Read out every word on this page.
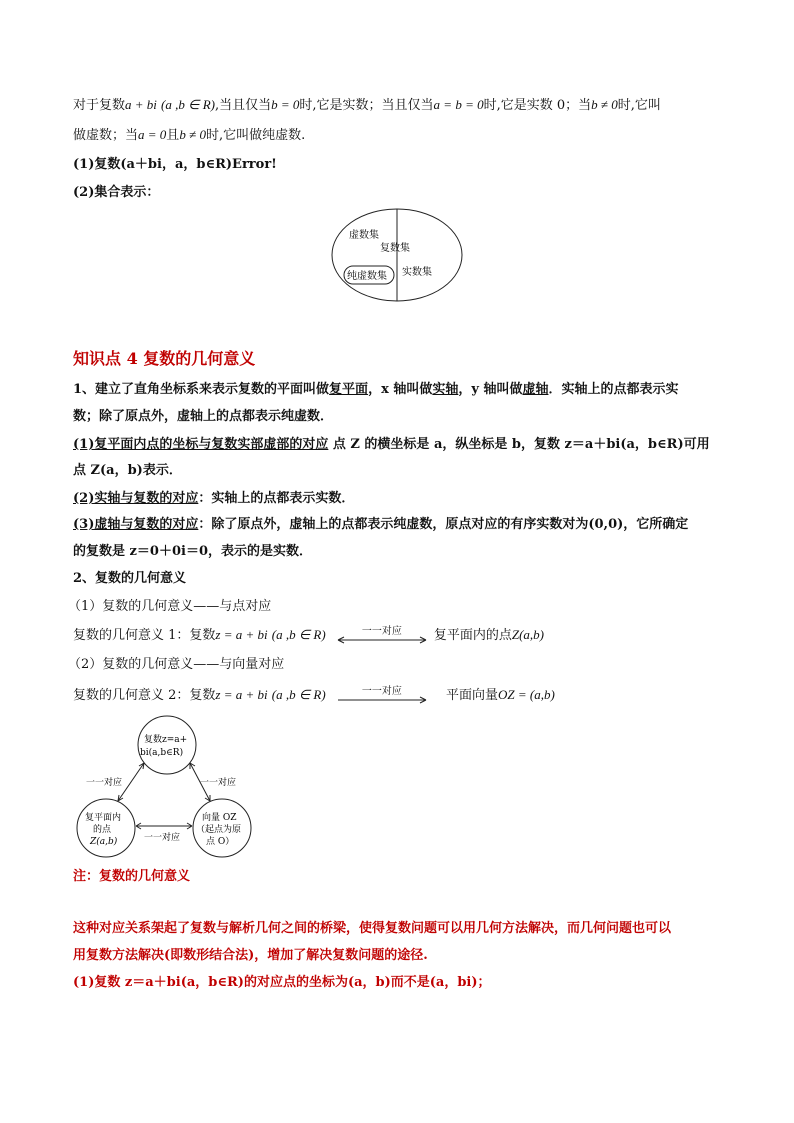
对于复数a + bi (a ,b ∈ R),当且仅当b = 0时,它是实数；当且仅当a = b = 0时,它是实数 0；当b ≠ 0时,它叫
做虚数；当a = 0且b ≠ 0时,它叫做纯虚数.
(1)复数(a＋bi，a，b∈R)Error!
(2)集合表示：
虚数集
复数集
纯虚数集 实数集
知识点 4 复数的几何意义
1、建立了直角坐标系来表示复数的平面叫做复平面，x 轴叫做实轴，y 轴叫做虚轴．实轴上的点都表示实
数；除了原点外，虚轴上的点都表示纯虚数．
(1)复平面内点的坐标与复数实部虚部的对应 点 Z 的横坐标是 a，纵坐标是 b，复数 z＝a＋bi(a，b∈R)可用
点 Z(a，b)表示．
(2)实轴与复数的对应：实轴上的点都表示实数．
(3)虚轴与复数的对应：除了原点外，虚轴上的点都表示纯虚数，原点对应的有序实数对为(0,0)，它所确定
的复数是 z＝0＋0i＝0，表示的是实数．
2、复数的几何意义
（1）复数的几何意义——与点对应
复数的几何意义 1：复数z = a + bi (a ,b ∈ R)	一一对应	复平面内的点Z(a,b)
（2）复数的几何意义——与向量对应
复数的几何意义 2：复数z = a + bi (a ,b ∈ R)	一一对应	平面向量OZ = (a,b)
复数z=a+
bi(a,b∈R)
复平面内
的点
Z(a,b)
向量 OZ
（起点为原
点 O）
一一对应	一一对应
一一对应
注：复数的几何意义
这种对应关系架起了复数与解析几何之间的桥梁，使得复数问题可以用几何方法解决，而几何问题也可以
用复数方法解决(即数形结合法)，增加了解决复数问题的途径.
(1)复数 z＝a＋bi(a，b∈R)的对应点的坐标为(a，b)而不是(a，bi)；
